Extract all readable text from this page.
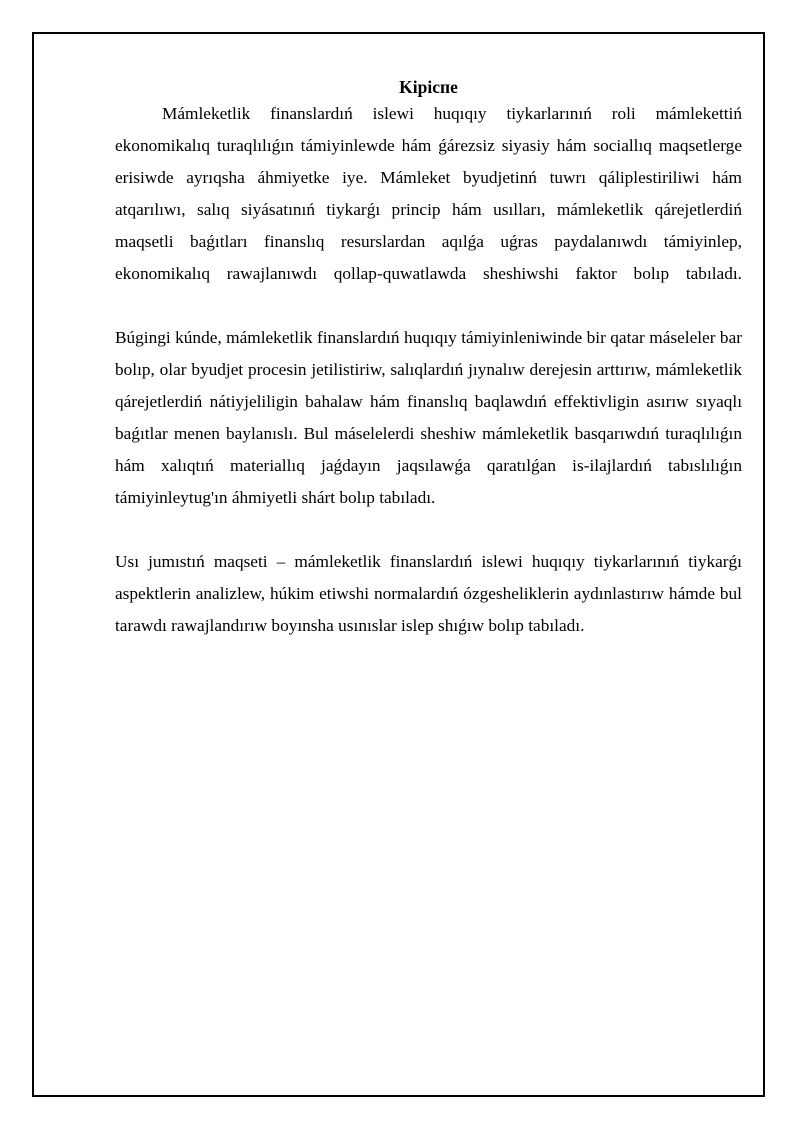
Kipicпe

Mámleketlik finanslardıń islewi huqıqıy tiykarlarınıń roli mámlekettiń ekonomikalıq turaqlılıǵın támiyinlewde hám ǵárezsiz siyasiy hám sociallıq maqsetlerge erisiwde ayrıqsha áhmiyetke iye. Mámleket byudjetinń tuwrı qáliplestiriliwi hám atqarılıwı, salıq siyásatınıń tiykarǵı princip hám usılları, mámleketlik qárejetlerdiń maqsetli baǵıtları finanslıq resurslardan aqılǵa uǵras paydalanıwdı támiyinlep, ekonomikalıq rawajlanıwdı qollap-quwatlawda sheshiwshi faktor bolıp tabıladı.

Búgingi kúnde, mámleketlik finanslardıń huqıqıy támiyinleniwinde bir qatar máseleler bar bolıp, olar byudjet procesin jetilistiriw, salıqlardıń jıynalıw derejesin arttırıw, mámleketlik qárejetlerdiń nátiyjeliligin bahalaw hám finanslıq baqlawdıń effektivligin asırıw sıyaqlı baǵıtlar menen baylanıslı. Bul máselelerdi sheshiw mámleketlik basqarıwdıń turaqlılıǵın hám xalıqtıń materiallıq jaǵdayın jaqsılawǵa qaratılǵan is-ilajlardıń tabıslılıǵın támiyinleytug'ın áhmiyetli shárt bolıp tabıladı.

Usı jumıstıń maqseti – mámleketlik finanslardıń islewi huqıqıy tiykarlarınıń tiykarǵı aspektlerin analizlew, húkim etiwshi normalardıń ózgesheliklerin aydınlastırıw hámde bul tarawdı rawajlandırıw boyınsha usınıslar islep shıǵıw bolıp tabıladı.
